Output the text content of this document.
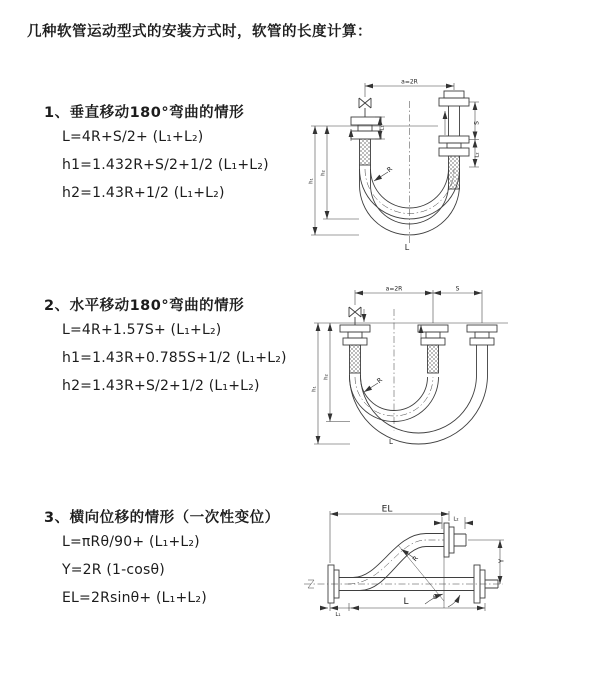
几种软管运动型式的安装方式时，软管的长度计算：
1、垂直移动180°弯曲的情形
L=4R+S/2+ (L₁+L₂)
h1=1.432R+S/2+1/2 (L₁+L₂)
h2=1.43R+1/2 (L₁+L₂)
2、水平移动180°弯曲的情形
L=4R+1.57S+ (L₁+L₂)
h1=1.43R+0.785S+1/2 (L₁+L₂)
h2=1.43R+S/2+1/2 (L₁+L₂)
3、横向位移的情形（一次性变位）
L=πRθ/90+ (L₁+L₂)
Y=2R (1-cosθ)
EL=2Rsinθ+ (L₁+L₂)
a=2R
S
L₂
L₁
h₁
h₂	R
L
a=2R	S
h₁
h₂	R
L
EL
L₂
Y
L
L₁
R
θ
